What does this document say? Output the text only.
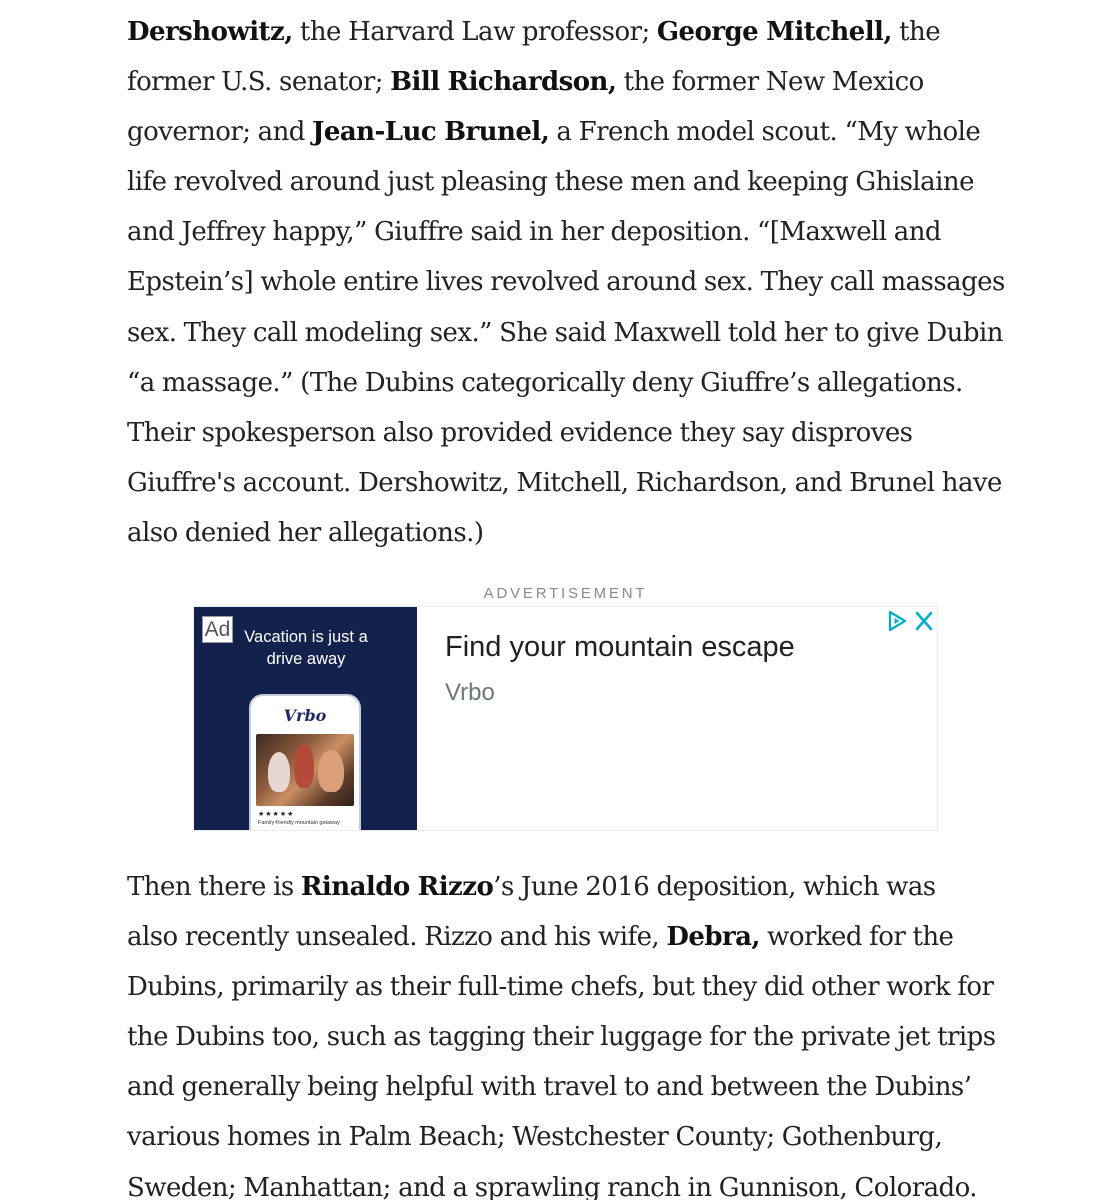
Dershowitz, the Harvard Law professor; George Mitchell, the
former U.S. senator; Bill Richardson, the former New Mexico
governor; and Jean-Luc Brunel, a French model scout. “My whole
life revolved around just pleasing these men and keeping Ghislaine
and Jeffrey happy,” Giuffre said in her deposition. “[Maxwell and
Epstein’s] whole entire lives revolved around sex. They call massages
sex. They call modeling sex.” She said Maxwell told her to give Dubin
“a massage.” (The Dubins categorically deny Giuffre’s allegations.
Their spokesperson also provided evidence they say disproves
Giuffre's account. Dershowitz, Mitchell, Richardson, and Brunel have
also denied her allegations.)
ADVERTISEMENT
Ad Vacation is just a drive away
Vrbo
★★★★★
Family-friendly mountain getaway
Find your mountain escape
Vrbo
Then there is Rinaldo Rizzo’s June 2016 deposition, which was
also recently unsealed. Rizzo and his wife, Debra, worked for the
Dubins, primarily as their full-time chefs, but they did other work for
the Dubins too, such as tagging their luggage for the private jet trips
and generally being helpful with travel to and between the Dubins’
various homes in Palm Beach; Westchester County; Gothenburg,
Sweden; Manhattan; and a sprawling ranch in Gunnison, Colorado.
